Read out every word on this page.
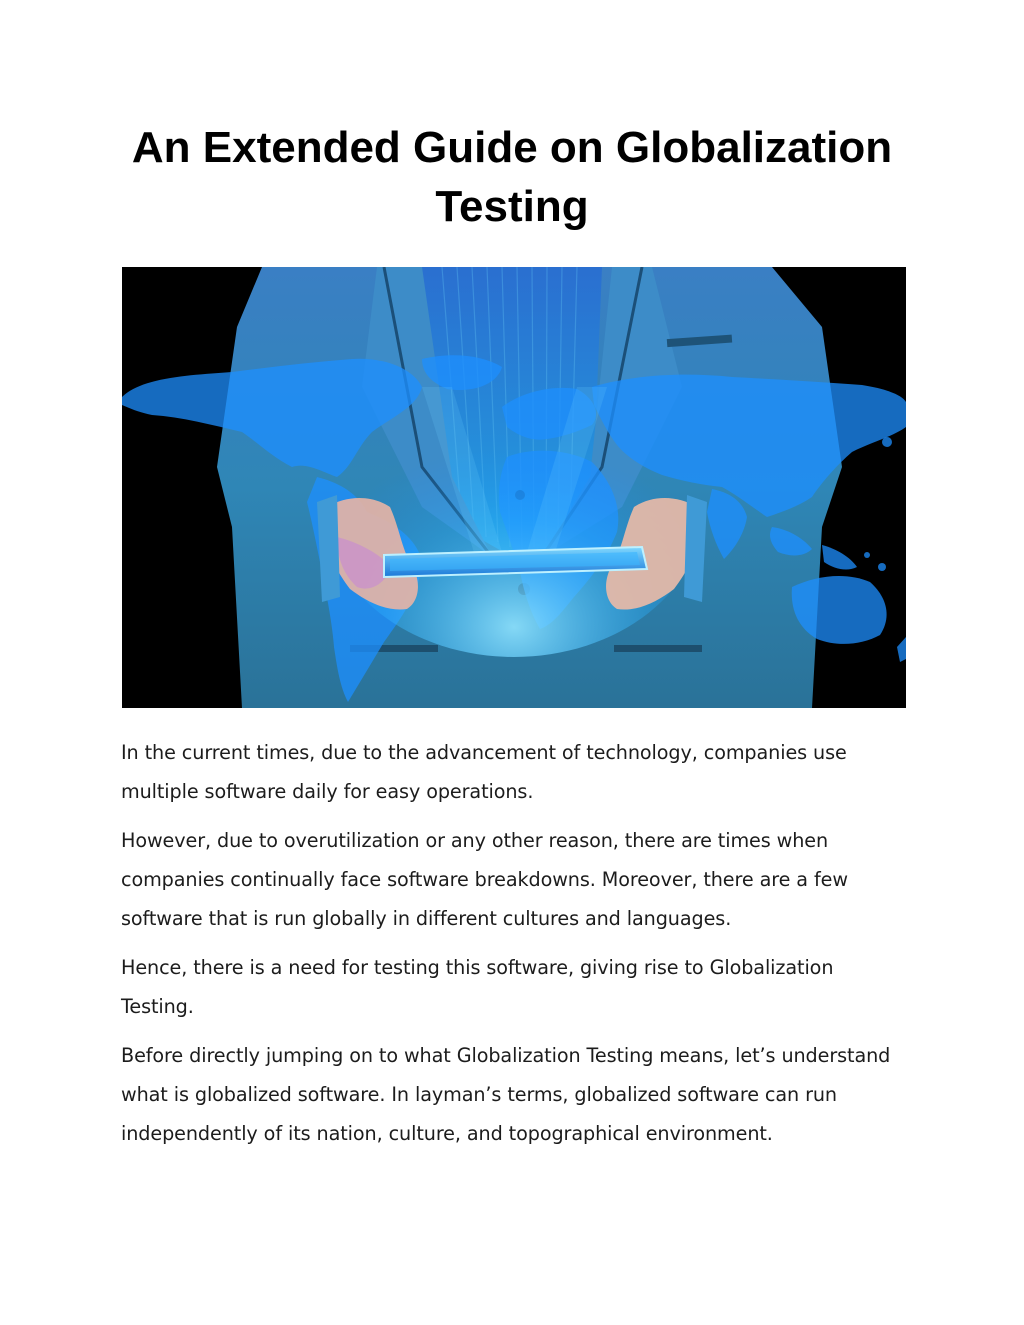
An Extended Guide on Globalization Testing

In the current times, due to the advancement of technology, companies use multiple software daily for easy operations.

However, due to overutilization or any other reason, there are times when companies continually face software breakdowns. Moreover, there are a few software that is run globally in different cultures and languages.

Hence, there is a need for testing this software, giving rise to Globalization Testing.

Before directly jumping on to what Globalization Testing means, let’s understand what is globalized software. In layman’s terms, globalized software can run independently of its nation, culture, and topographical environment.
